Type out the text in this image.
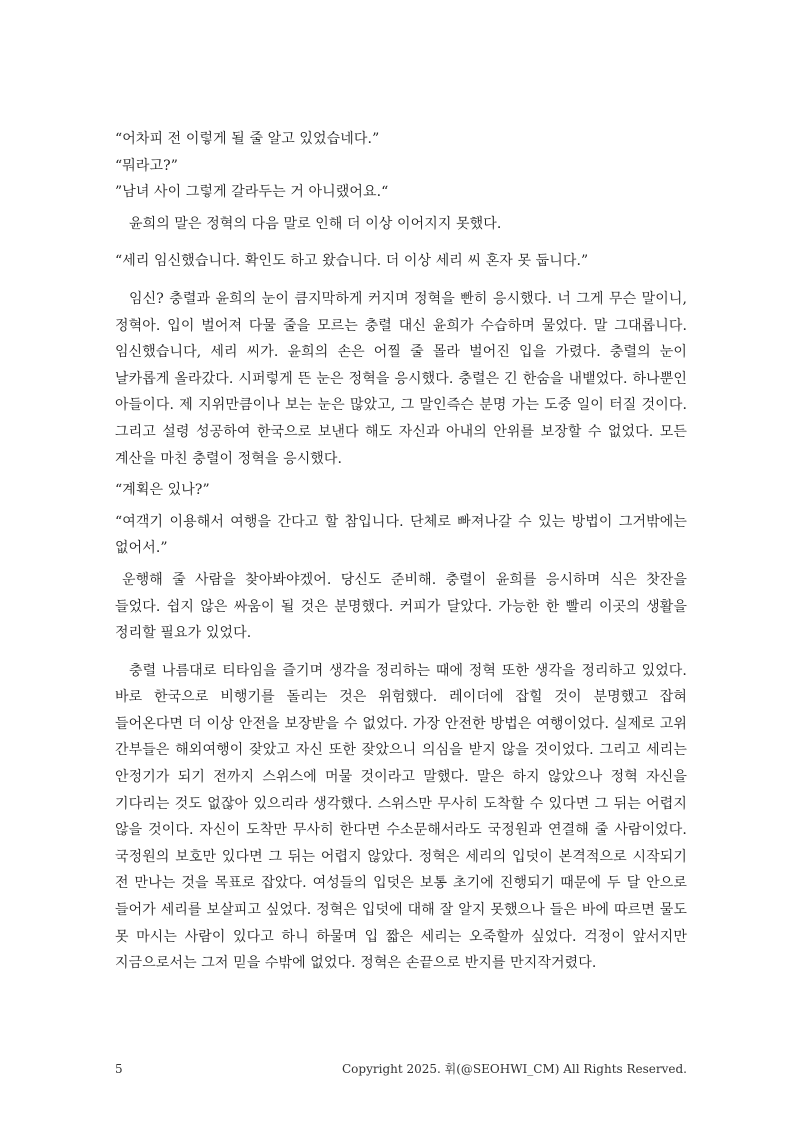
“어차피 전 이렇게 될 줄 알고 있었습네다.”

“뭐라고?”

”남녀 사이 그렇게 갈라두는 거 아니랬어요.“

윤희의 말은 정혁의 다음 말로 인해 더 이상 이어지지 못했다.

“세리 임신했습니다. 확인도 하고 왔습니다. 더 이상 세리 씨 혼자 못 둡니다.”

임신? 충렬과 윤희의 눈이 큼지막하게 커지며 정혁을 빤히 응시했다. 너 그게 무슨 말이니, 정혁아. 입이 벌어져 다물 줄을 모르는 충렬 대신 윤희가 수습하며 물었다. 말 그대롭니다. 임신했습니다, 세리 씨가. 윤희의 손은 어찔 줄 몰라 벌어진 입을 가렸다. 충렬의 눈이 날카롭게 올라갔다. 시퍼렇게 뜬 눈은 정혁을 응시했다. 충렬은 긴 한숨을 내뱉었다. 하나뿐인 아들이다. 제 지위만큼이나 보는 눈은 많았고, 그 말인즉슨 분명 가는 도중 일이 터질 것이다. 그리고 설령 성공하여 한국으로 보낸다 해도 자신과 아내의 안위를 보장할 수 없었다. 모든 계산을 마친 충렬이 정혁을 응시했다.

“계획은 있나?”

“여객기 이용해서 여행을 간다고 할 참입니다. 단체로 빠져나갈 수 있는 방법이 그거밖에는 없어서.”

운행해 줄 사람을 찾아봐야겠어. 당신도 준비해. 충렬이 윤희를 응시하며 식은 찻잔을 들었다. 쉽지 않은 싸움이 될 것은 분명했다. 커피가 달았다. 가능한 한 빨리 이곳의 생활을 정리할 필요가 있었다.

충렬 나름대로 티타임을 즐기며 생각을 정리하는 때에 정혁 또한 생각을 정리하고 있었다. 바로 한국으로 비행기를 돌리는 것은 위험했다. 레이더에 잡힐 것이 분명했고 잡혀 들어온다면 더 이상 안전을 보장받을 수 없었다. 가장 안전한 방법은 여행이었다. 실제로 고위 간부들은 해외여행이 잦았고 자신 또한 잦았으니 의심을 받지 않을 것이었다. 그리고 세리는 안정기가 되기 전까지 스위스에 머물 것이라고 말했다. 말은 하지 않았으나 정혁 자신을 기다리는 것도 없잖아 있으리라 생각했다. 스위스만 무사히 도착할 수 있다면 그 뒤는 어렵지 않을 것이다. 자신이 도착만 무사히 한다면 수소문해서라도 국정원과 연결해 줄 사람이었다. 국정원의 보호만 있다면 그 뒤는 어렵지 않았다. 정혁은 세리의 입덧이 본격적으로 시작되기 전 만나는 것을 목표로 잡았다. 여성들의 입덧은 보통 초기에 진행되기 때문에 두 달 안으로 들어가 세리를 보살피고 싶었다. 정혁은 입덧에 대해 잘 알지 못했으나 들은 바에 따르면 물도 못 마시는 사람이 있다고 하니 하물며 입 짧은 세리는 오죽할까 싶었다. 걱정이 앞서지만 지금으로서는 그저 믿을 수밖에 없었다. 정혁은 손끝으로 반지를 만지작거렸다.

5	Copyright 2025. 휘(@SEOHWI_CM) All Rights Reserved.
